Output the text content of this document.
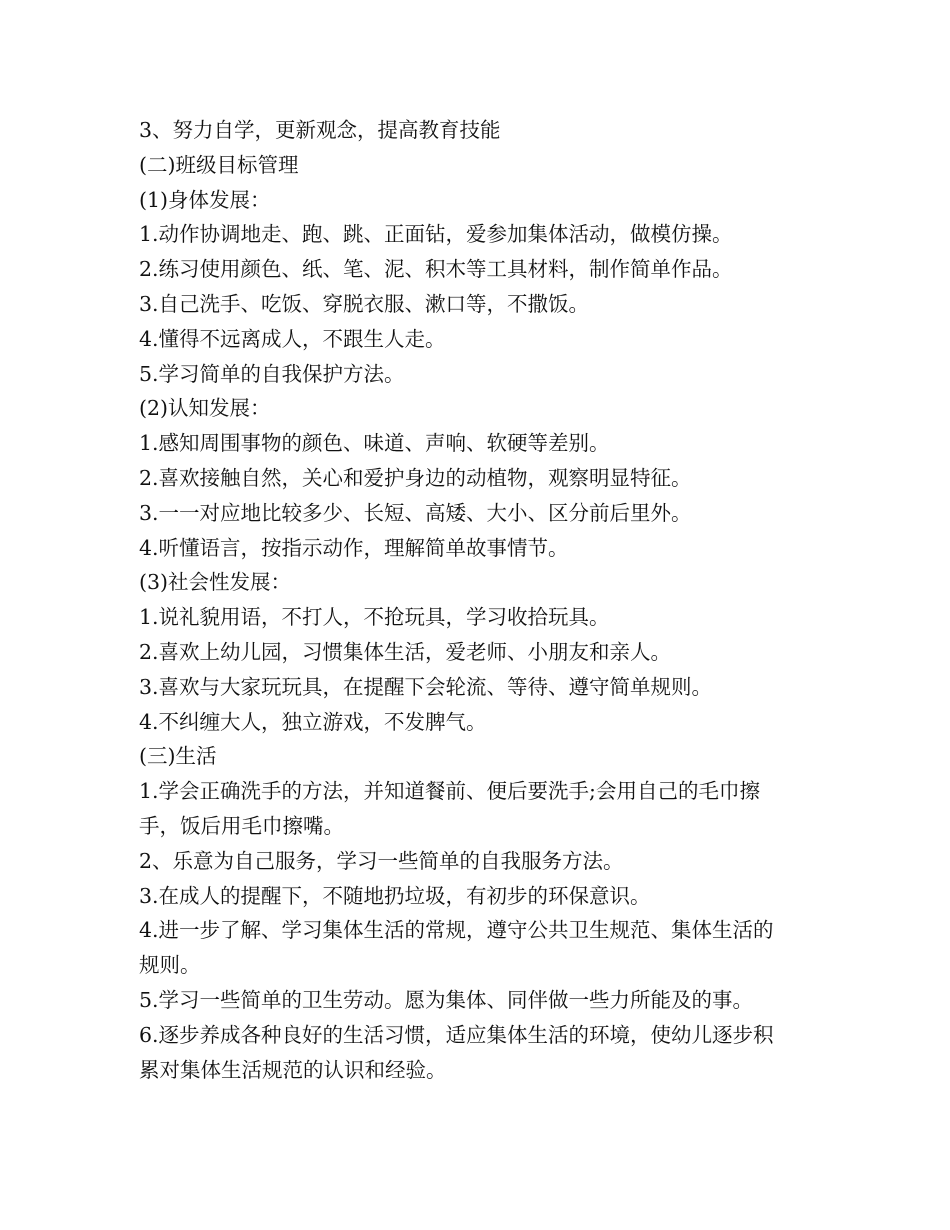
3、努力自学，更新观念，提高教育技能
(二)班级目标管理
(1)身体发展：
1.动作协调地走、跑、跳、正面钻，爱参加集体活动，做模仿操。
2.练习使用颜色、纸、笔、泥、积木等工具材料，制作简单作品。
3.自己洗手、吃饭、穿脱衣服、漱口等，不撒饭。
4.懂得不远离成人，不跟生人走。
5.学习简单的自我保护方法。
(2)认知发展：
1.感知周围事物的颜色、味道、声响、软硬等差别。
2.喜欢接触自然，关心和爱护身边的动植物，观察明显特征。
3.一一对应地比较多少、长短、高矮、大小、区分前后里外。
4.听懂语言，按指示动作，理解简单故事情节。
(3)社会性发展：
1.说礼貌用语，不打人，不抢玩具，学习收拾玩具。
2.喜欢上幼儿园，习惯集体生活，爱老师、小朋友和亲人。
3.喜欢与大家玩玩具，在提醒下会轮流、等待、遵守简单规则。
4.不纠缠大人，独立游戏，不发脾气。
(三)生活
1.学会正确洗手的方法，并知道餐前、便后要洗手;会用自己的毛巾擦
手，饭后用毛巾擦嘴。
2、乐意为自己服务，学习一些简单的自我服务方法。
3.在成人的提醒下，不随地扔垃圾，有初步的环保意识。
4.进一步了解、学习集体生活的常规，遵守公共卫生规范、集体生活的
规则。
5.学习一些简单的卫生劳动。愿为集体、同伴做一些力所能及的事。
6.逐步养成各种良好的生活习惯，适应集体生活的环境，使幼儿逐步积
累对集体生活规范的认识和经验。
